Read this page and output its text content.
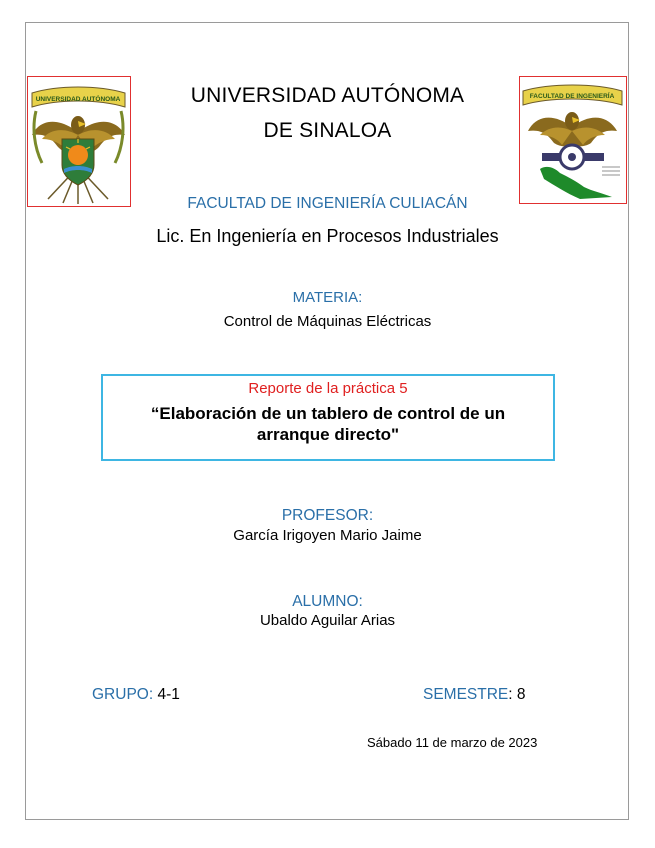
UNIVERSIDAD AUTÓNOMA	FACULTAD DE INGENIERÍA
UNIVERSIDAD AUTÓNOMA
DE SINALOA
FACULTAD DE INGENIERÍA CULIACÁN
Lic. En Ingeniería en Procesos Industriales
MATERIA:
Control de Máquinas Eléctricas
Reporte de la práctica 5
“Elaboración de un tablero de control de un
arranque directo"
PROFESOR:
García Irigoyen Mario Jaime
ALUMNO:
Ubaldo Aguilar Arias
GRUPO: 4-1	SEMESTRE: 8
Sábado 11 de marzo de 2023
